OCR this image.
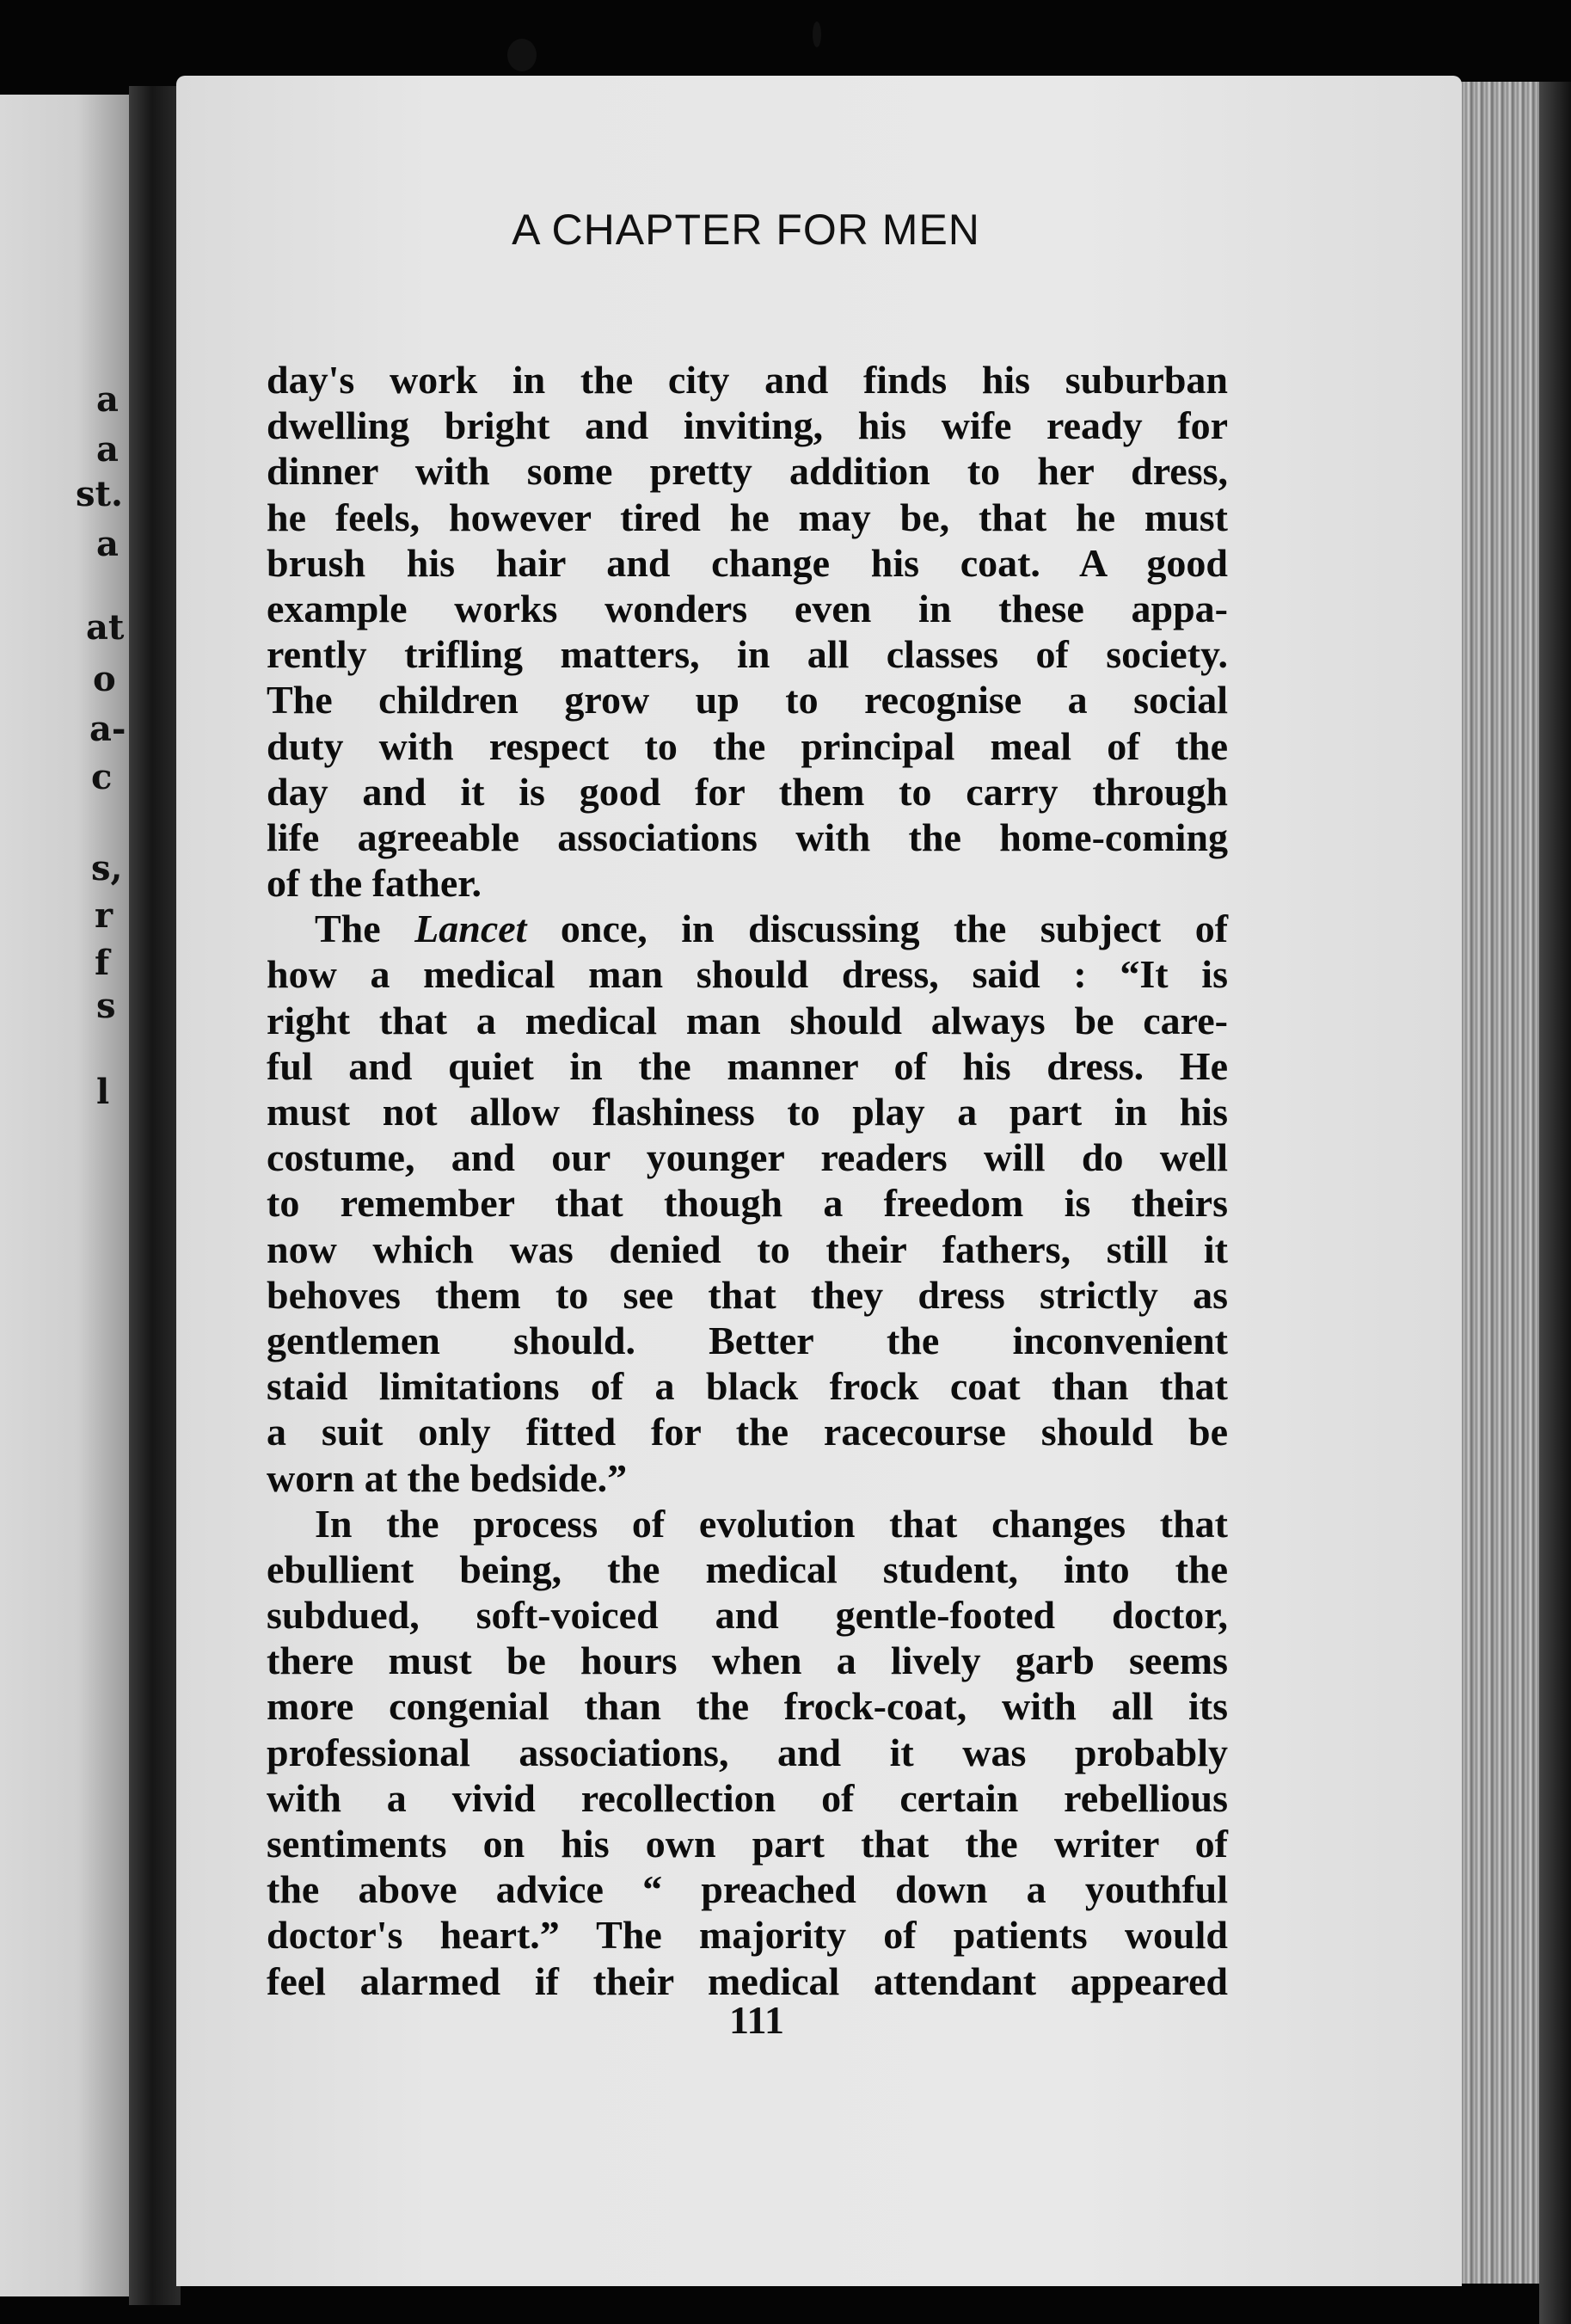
a
a
st.
a
at
o
a-
c
s,
r
f
s
l
A CHAPTER FOR MEN
day's work in the city and finds his suburban
dwelling bright and inviting, his wife ready for
dinner with some pretty addition to her dress,
he feels, however tired he may be, that he must
brush his hair and change his coat. A good
example works wonders even in these appa-
rently trifling matters, in all classes of society.
The children grow up to recognise a social
duty with respect to the principal meal of the
day and it is good for them to carry through
life agreeable associations with the home-coming
of the father.
The Lancet once, in discussing the subject of
how a medical man should dress, said : “It is
right that a medical man should always be care-
ful and quiet in the manner of his dress. He
must not allow flashiness to play a part in his
costume, and our younger readers will do well
to remember that though a freedom is theirs
now which was denied to their fathers, still it
behoves them to see that they dress strictly as
gentlemen should. Better the inconvenient
staid limitations of a black frock coat than that
a suit only fitted for the racecourse should be
worn at the bedside.”
In the process of evolution that changes that
ebullient being, the medical student, into the
subdued, soft-voiced and gentle-footed doctor,
there must be hours when a lively garb seems
more congenial than the frock-coat, with all its
professional associations, and it was probably
with a vivid recollection of certain rebellious
sentiments on his own part that the writer of
the above advice “ preached down a youthful
doctor's heart.” The majority of patients would
feel alarmed if their medical attendant appeared
111
